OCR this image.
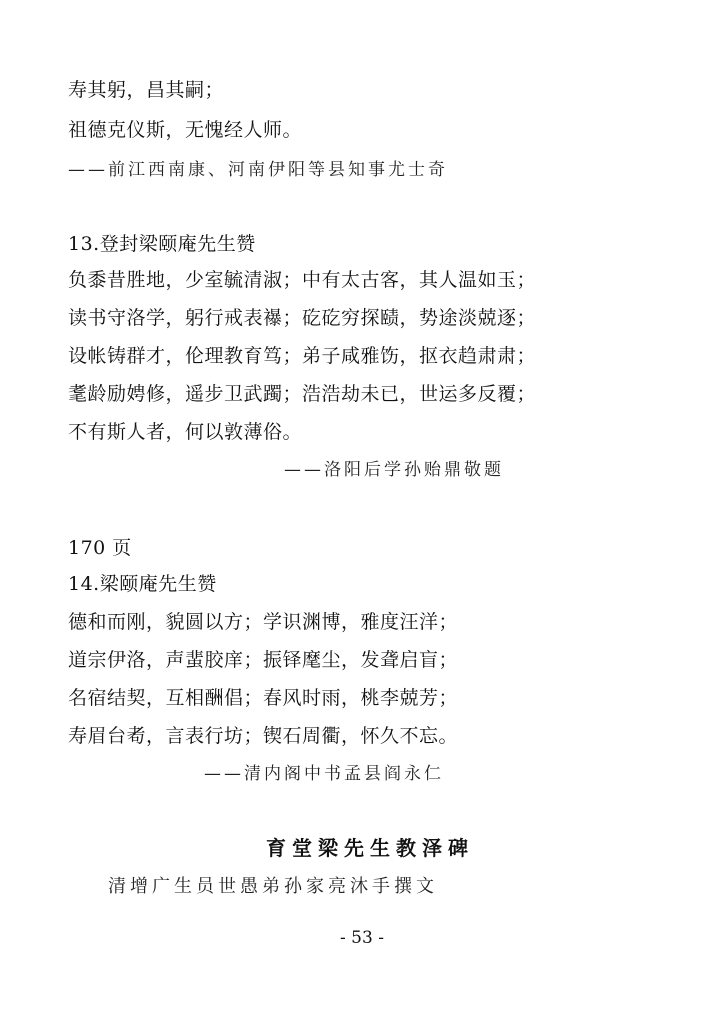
寿其躬，昌其嗣；
祖德克仪斯，无愧经人师。
——前江西南康、河南伊阳等县知事尤士奇
13.登封梁颐庵先生赞
负黍昔胜地，少室毓清淑；中有太古客，其人温如玉；
读书守洛学，躬行戒表襮；矻矻穷探赜，势途淡兢逐；
设帐铸群才，伦理教育笃；弟子咸雅饬，抠衣趋肃肃；
耄龄励娉修，遥步卫武躅；浩浩劫未已，世运多反覆；
不有斯人者，何以敦薄俗。
——洛阳后学孙贻鼎敬题
170 页
14.梁颐庵先生赞
德和而刚，貌圆以方；学识渊博，雅度汪洋；
道宗伊洛，声蜚胶庠；振铎麾尘，发聋启盲；
名宿结契，互相酬倡；春风时雨，桃李兢芳；
寿眉台耇，言表行坊；锲石周衢，怀久不忘。
——清内阁中书孟县阎永仁
育堂梁先生教泽碑
清增广生员世愚弟孙家亮沐手撰文
- 53 -
